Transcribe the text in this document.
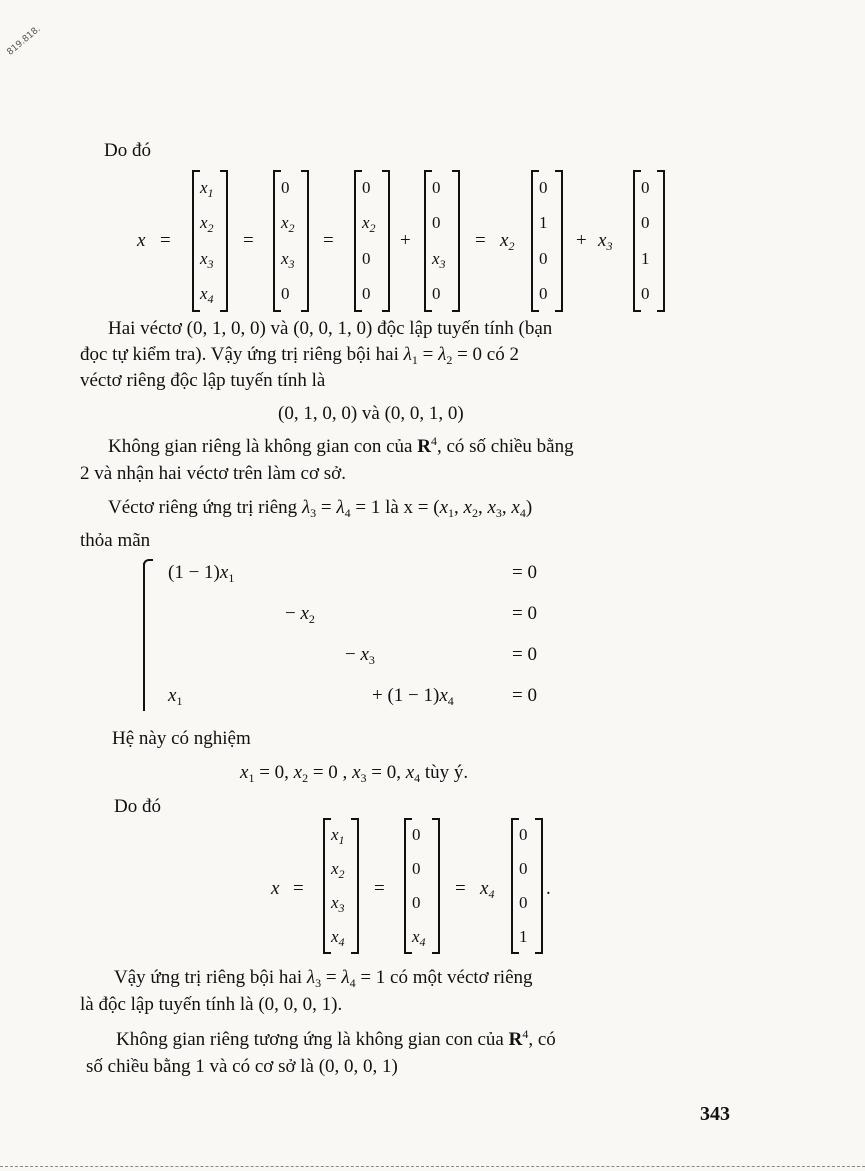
819.818.
Do đó
x =
$x_1$
$x_2$
$x_3$
$x_4$
=
0
$x_2$
$x_3$
0
=
0
$x_2$
0
0
+
0
0
$x_3$
0
= $x_2$
0
1
0
0
+ $x_3$
0
0
1
0
Hai véctơ (0, 1, 0, 0) và (0, 0, 1, 0) độc lập tuyến tính (bạn
đọc tự kiểm tra). Vậy ứng trị riêng bội hai $\lambda_1 = \lambda_2 = 0$ có 2
véctơ riêng độc lập tuyến tính là
(0, 1, 0, 0) và (0, 0, 1, 0)
Không gian riêng là không gian con của $R^4$, có số chiều bằng
2 và nhận hai véctơ trên làm cơ sở.
Véctơ riêng ứng trị riêng $\lambda_3 = \lambda_4 = 1$ là $x = (x_1$, $x_2$, $x_3$, $x_4$)
thỏa mãn
$(1 - 1)x_1$	= 0
− $x_2$	= 0
− $x_3$	= 0
$x_1$	+ $(1 - 1)x_4$	= 0
Hệ này có nghiệm
$x_1 = 0$, $x_2 = 0$ , $x_3 = 0$, $x_4$ tùy ý.
Do đó
x =
$x_1$
$x_2$
$x_3$
$x_4$
=
0
0
0
$x_4$
= $x_4$
0
0
0
1
.
Vậy ứng trị riêng bội hai $\lambda_3 = \lambda_4 = 1$ có một véctơ riêng
là độc lập tuyến tính là (0, 0, 0, 1).
Không gian riêng tương ứng là không gian con của $R^4$, có
số chiều bằng 1 và có cơ sở là (0, 0, 0, 1)
343
